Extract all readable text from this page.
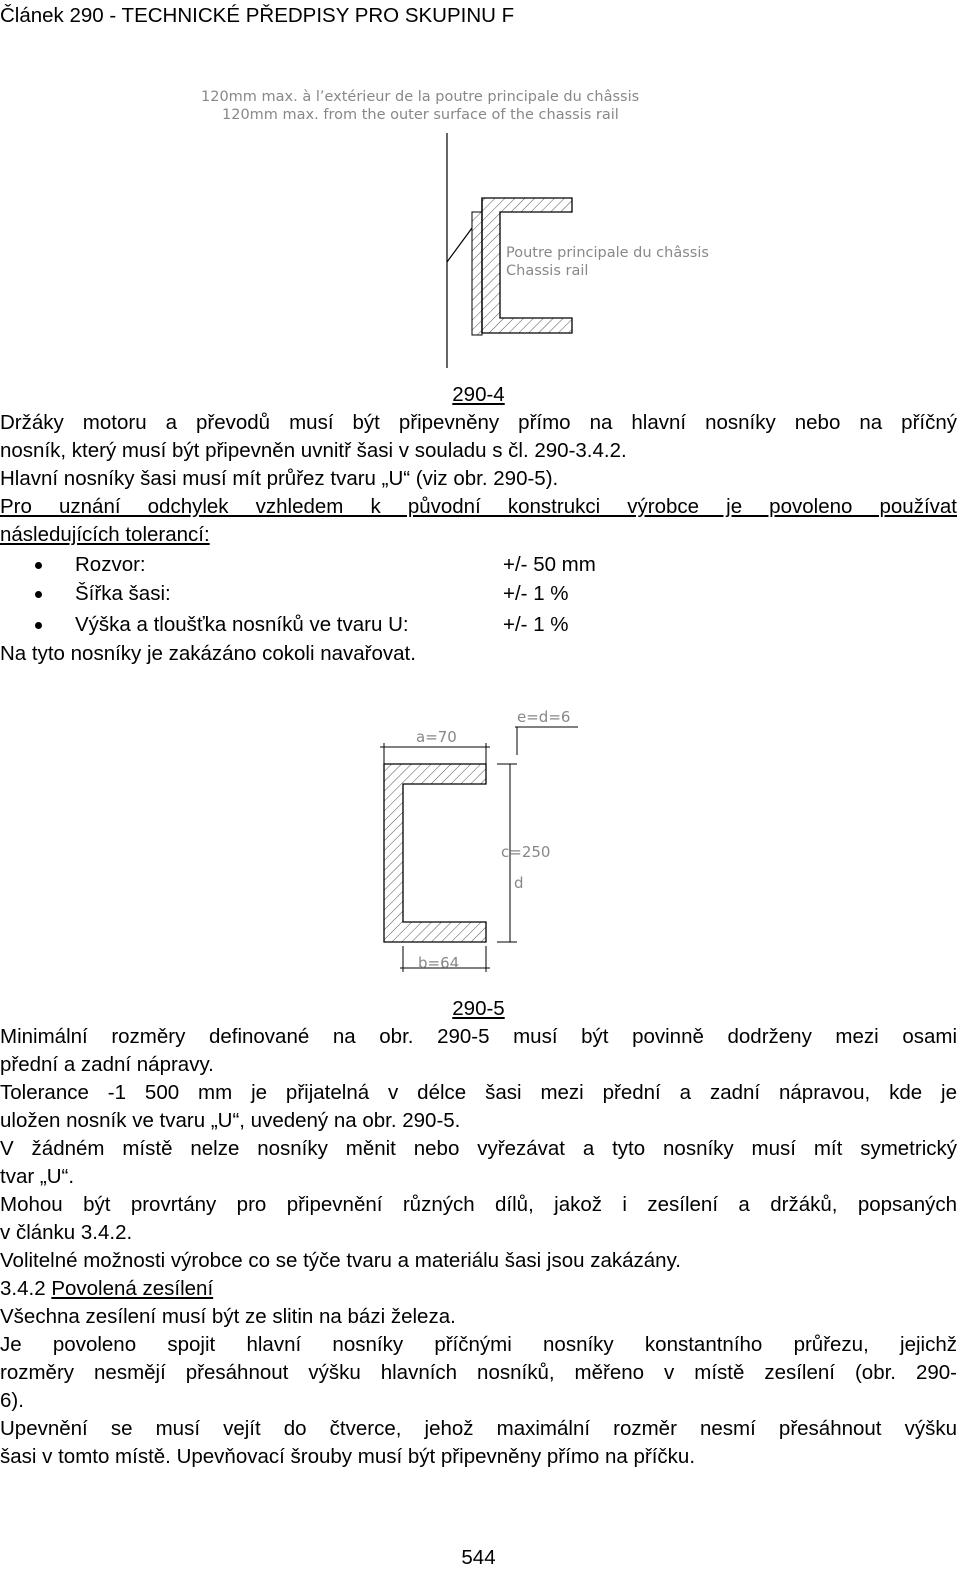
Článek 290 - TECHNICKÉ PŘEDPISY PRO SKUPINU F

120mm max. à l’extérieur de la poutre principale du châssis
120mm max. from the outer surface of the chassis rail
Poutre principale du châssis
Chassis rail

290-4

Držáky motoru a převodů musí být připevněny přímo na hlavní nosníky nebo na příčný

nosník, který musí být připevněn uvnitř šasi v souladu s čl. 290-3.4.2.

Hlavní nosníky šasi musí mít průřez tvaru „U“ (viz obr. 290-5).

Pro uznání odchylek vzhledem k původní konstrukci výrobce je povoleno používat

následujících tolerancí:

Rozvor:	+/- 50 mm
Šířka šasi:	+/- 1 %
Výška a tloušťka nosníků ve tvaru U:	+/- 1 %

Na tyto nosníky je zakázáno cokoli navařovat.

a=70
e=d=6
c=250
d
b=64

290-5

Minimální rozměry definované na obr. 290-5 musí být povinně dodrženy mezi osami

přední a zadní nápravy.

Tolerance -1 500 mm je přijatelná v délce šasi mezi přední a zadní nápravou, kde je

uložen nosník ve tvaru „U“, uvedený na obr. 290-5.

V žádném místě nelze nosníky měnit nebo vyřezávat a tyto nosníky musí mít symetrický

tvar „U“.

Mohou být provrtány pro připevnění různých dílů, jakož i zesílení a držáků, popsaných

v článku 3.4.2.

Volitelné možnosti výrobce co se týče tvaru a materiálu šasi jsou zakázány.

3.4.2 Povolená zesílení

Všechna zesílení musí být ze slitin na bázi železa.

Je povoleno spojit hlavní nosníky příčnými nosníky konstantního průřezu, jejichž

rozměry nesmějí přesáhnout výšku hlavních nosníků, měřeno v místě zesílení (obr. 290-

6).

Upevnění se musí vejít do čtverce, jehož maximální rozměr nesmí přesáhnout výšku

šasi v tomto místě. Upevňovací šrouby musí být připevněny přímo na příčku.

544
